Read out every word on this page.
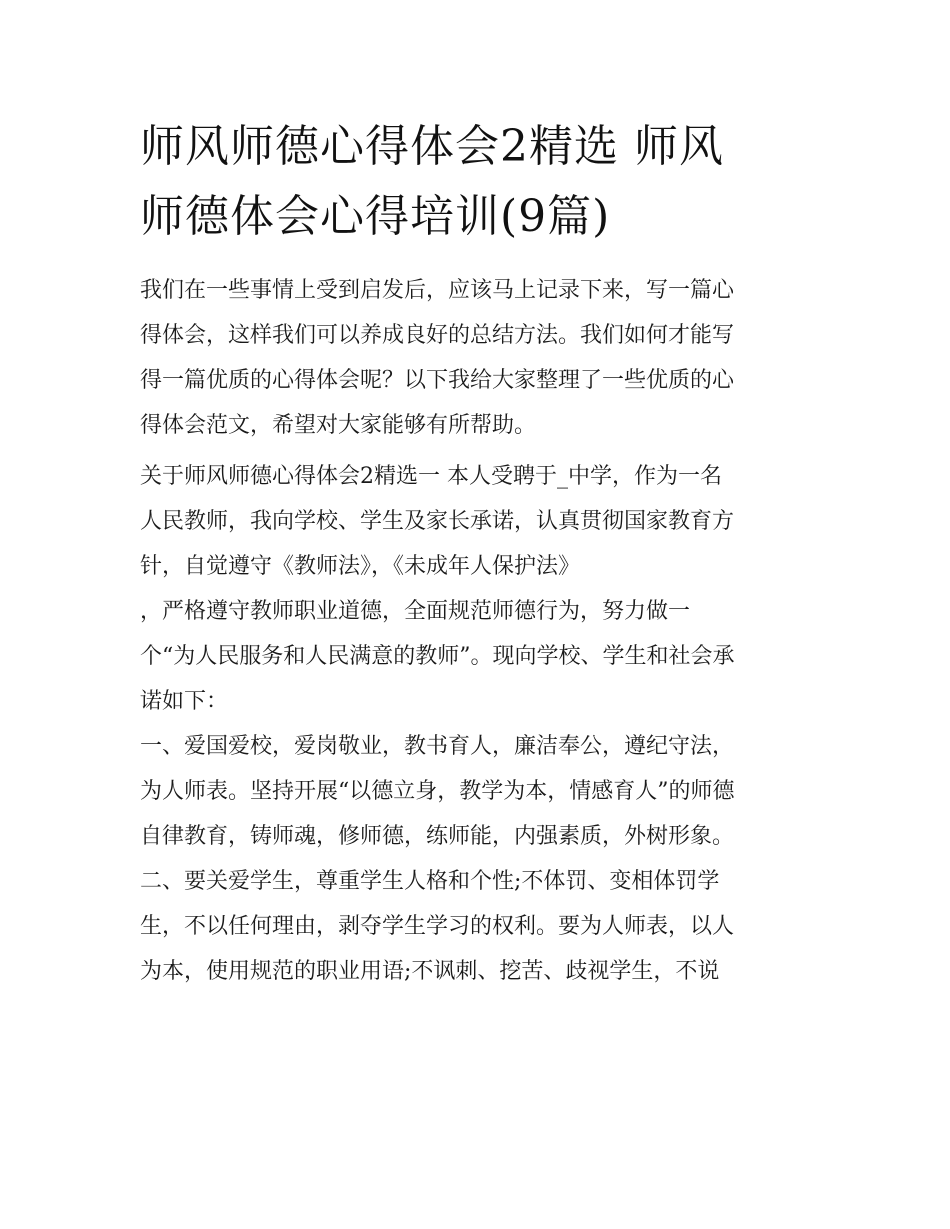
师风师德心得体会2精选 师风
师德体会心得培训(9篇)

我们在一些事情上受到启发后，应该马上记录下来，写一篇心

得体会，这样我们可以养成良好的总结方法。我们如何才能写

得一篇优质的心得体会呢？以下我给大家整理了一些优质的心

得体会范文，希望对大家能够有所帮助。

关于师风师德心得体会2精选一 本人受聘于_中学，作为一名

人民教师，我向学校、学生及家长承诺，认真贯彻国家教育方

针，自觉遵守《教师法》，《未成年人保护法》

，严格遵守教师职业道德，全面规范师德行为，努力做一

个“为人民服务和人民满意的教师”。现向学校、学生和社会承

诺如下：

一、爱国爱校，爱岗敬业，教书育人，廉洁奉公，遵纪守法，

为人师表。坚持开展“以德立身，教学为本，情感育人”的师德

自律教育，铸师魂，修师德，练师能，内强素质，外树形象。

二、要关爱学生，尊重学生人格和个性;不体罚、变相体罚学

生，不以任何理由，剥夺学生学习的权利。要为人师表，以人

为本，使用规范的职业用语;不讽刺、挖苦、歧视学生，不说
